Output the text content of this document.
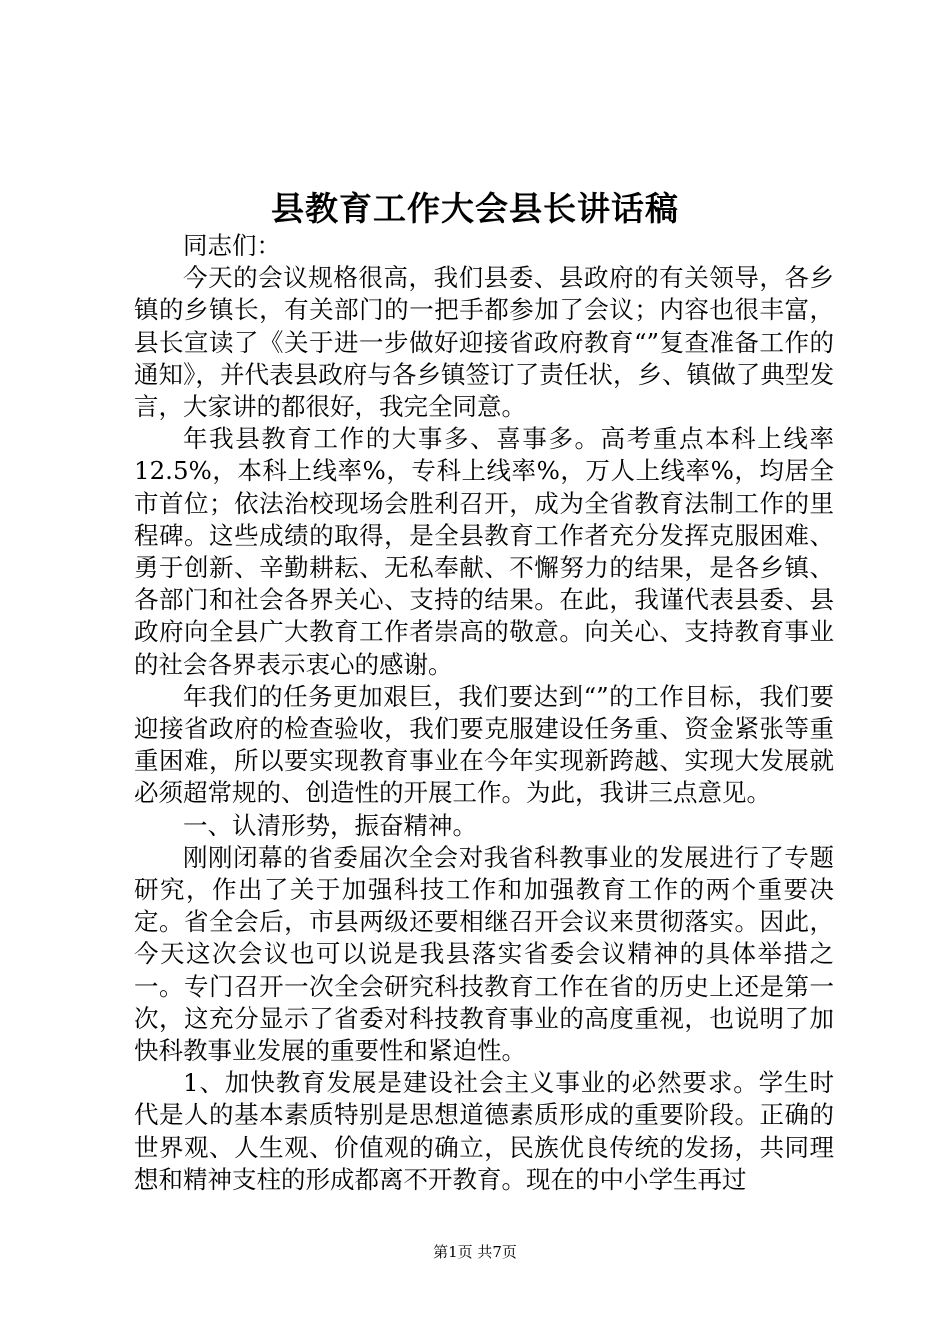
县教育工作大会县长讲话稿

同志们：

今天的会议规格很高，我们县委、县政府的有关领导，各乡镇的乡镇长，有关部门的一把手都参加了会议；内容也很丰富，县长宣读了《关于进一步做好迎接省政府教育“”复查准备工作的通知》，并代表县政府与各乡镇签订了责任状，乡、镇做了典型发言，大家讲的都很好，我完全同意。

年我县教育工作的大事多、喜事多。高考重点本科上线率12.5%，本科上线率%，专科上线率%，万人上线率%，均居全市首位；依法治校现场会胜利召开，成为全省教育法制工作的里程碑。这些成绩的取得，是全县教育工作者充分发挥克服困难、勇于创新、辛勤耕耘、无私奉献、不懈努力的结果，是各乡镇、各部门和社会各界关心、支持的结果。在此，我谨代表县委、县政府向全县广大教育工作者崇高的敬意。向关心、支持教育事业的社会各界表示衷心的感谢。

年我们的任务更加艰巨，我们要达到“”的工作目标，我们要迎接省政府的检查验收，我们要克服建设任务重、资金紧张等重重困难，所以要实现教育事业在今年实现新跨越、实现大发展就必须超常规的、创造性的开展工作。为此，我讲三点意见。

一、认清形势，振奋精神。

刚刚闭幕的省委届次全会对我省科教事业的发展进行了专题研究，作出了关于加强科技工作和加强教育工作的两个重要决定。省全会后，市县两级还要相继召开会议来贯彻落实。因此，今天这次会议也可以说是我县落实省委会议精神的具体举措之一。专门召开一次全会研究科技教育工作在省的历史上还是第一次，这充分显示了省委对科技教育事业的高度重视，也说明了加快科教事业发展的重要性和紧迫性。

1、加快教育发展是建设社会主义事业的必然要求。学生时代是人的基本素质特别是思想道德素质形成的重要阶段。正确的世界观、人生观、价值观的确立，民族优良传统的发扬，共同理想和精神支柱的形成都离不开教育。现在的中小学生再过

第1页 共7页
